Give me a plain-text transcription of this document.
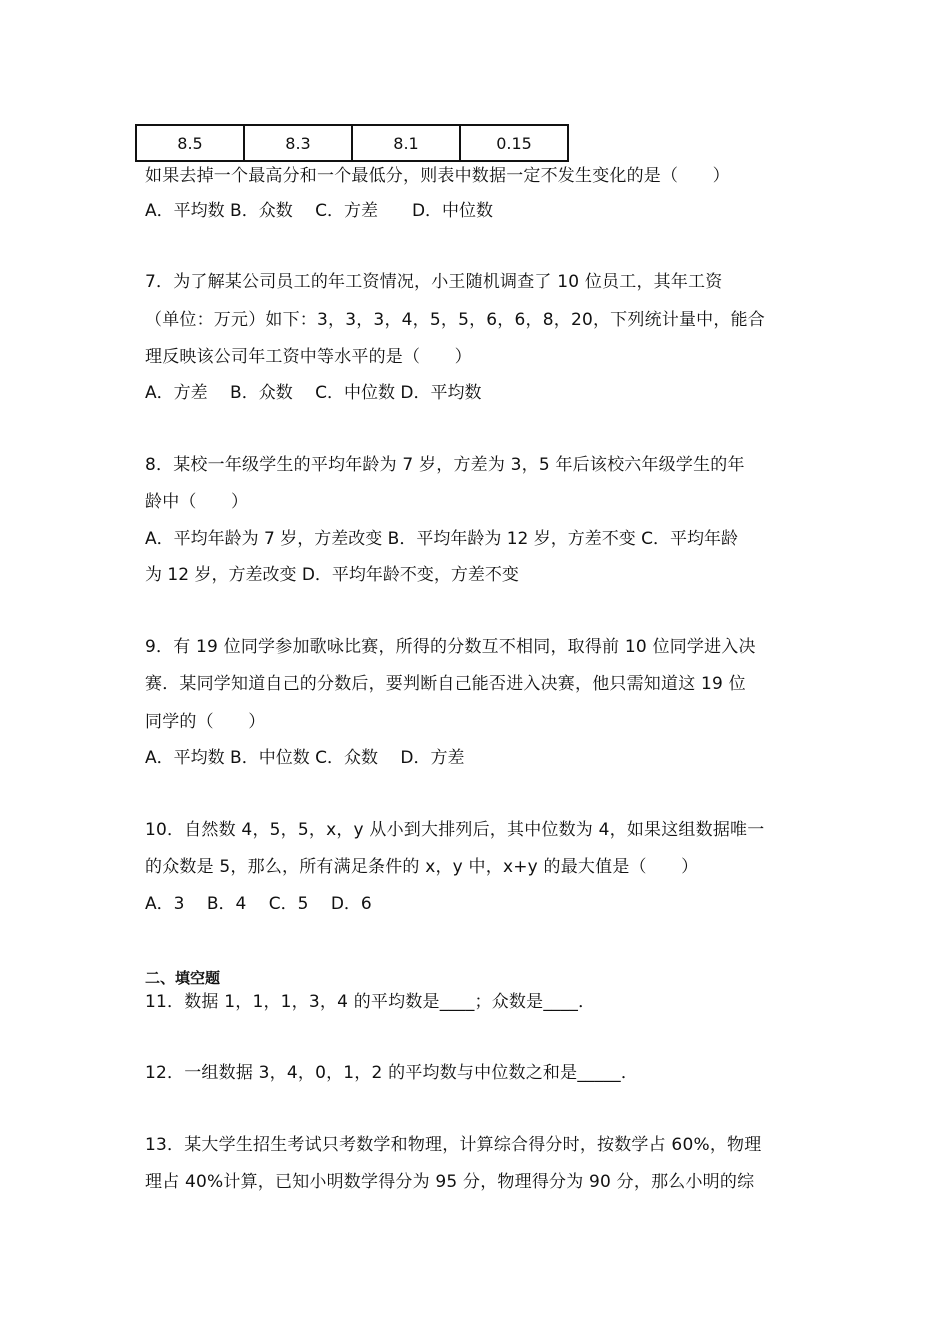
8.5	8.3	8.1	0.15
如果去掉一个最高分和一个最低分，则表中数据一定不发生变化的是（　　）
A．平均数 B．众数　 C．方差　　D．中位数
7．为了解某公司员工的年工资情况，小王随机调查了 10 位员工，其年工资
（单位：万元）如下：3，3，3，4，5，5，6，6，8，20，下列统计量中，能合
理反映该公司年工资中等水平的是（　　）
A．方差　 B．众数　 C．中位数 D．平均数
8．某校一年级学生的平均年龄为 7 岁，方差为 3，5 年后该校六年级学生的年
龄中（　　）
A．平均年龄为 7 岁，方差改变 B．平均年龄为 12 岁，方差不变 C．平均年龄
为 12 岁，方差改变 D．平均年龄不变，方差不变
9．有 19 位同学参加歌咏比赛，所得的分数互不相同，取得前 10 位同学进入决
赛．某同学知道自己的分数后，要判断自己能否进入决赛，他只需知道这 19 位
同学的（　　）
A．平均数 B．中位数 C．众数　 D．方差
10．自然数 4，5，5，x，y 从小到大排列后，其中位数为 4，如果这组数据唯一
的众数是 5，那么，所有满足条件的 x，y 中，x+y 的最大值是（　　）
A．3　 B．4　 C．5　 D．6
二、填空题
11．数据 1，1，1，3，4 的平均数是____；众数是____．
12．一组数据 3，4，0，1，2 的平均数与中位数之和是_____．
13．某大学生招生考试只考数学和物理，计算综合得分时，按数学占 60%，物理
理占 40%计算，已知小明数学得分为 95 分，物理得分为 90 分，那么小明的综
